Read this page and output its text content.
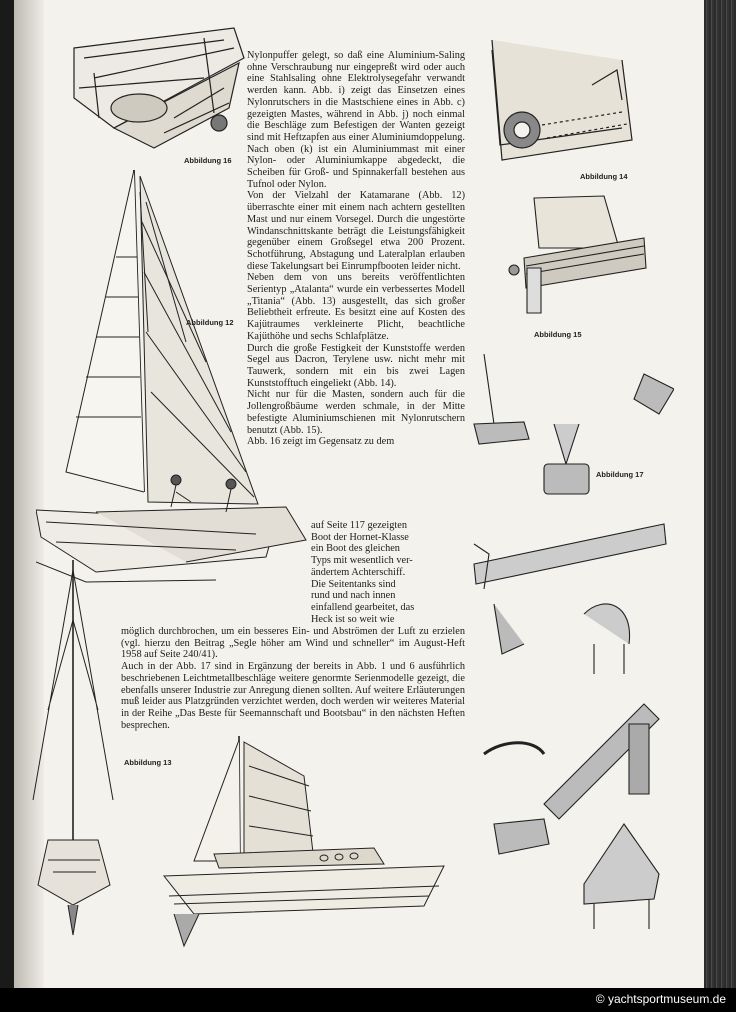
Abbildung 16
Abbildung 12
Abbildung 13
Abbildung 14
Abbildung 15
Abbildung 17

Nylonpuffer gelegt, so daß eine Aluminium-Saling ohne Verschraubung nur eingepreßt wird oder auch eine Stahlsaling ohne Elektrolysegefahr verwandt werden kann. Abb. i) zeigt das Einsetzen eines Nylonrutschers in die Mastschiene eines in Abb. c) gezeigten Mastes, während in Abb. j) noch einmal die Beschläge zum Befestigen der Wanten gezeigt sind mit Heftzapfen aus einer Aluminiumdoppelung. Nach oben (k) ist ein Aluminiummast mit einer Nylon- oder Aluminiumkappe abgedeckt, die Scheiben für Groß- und Spinnakerfall bestehen aus Tufnol oder Nylon.

Von der Vielzahl der Katamarane (Abb. 12) überraschte einer mit einem nach achtern gestellten Mast und nur einem Vorsegel. Durch die ungestörte Windanschnittskante beträgt die Leistungsfähigkeit gegenüber einem Großsegel etwa 200 Prozent. Schotführung, Abstagung und Lateralplan erlauben diese Takelungsart bei Einrumpfbooten leider nicht.

Neben dem von uns bereits veröffentlichten Serientyp „Atalanta“ wurde ein verbessertes Modell „Titania“ (Abb. 13) ausgestellt, das sich großer Beliebtheit erfreute. Es besitzt eine auf Kosten des Kajütraumes verkleinerte Plicht, beachtliche Kajüthöhe und sechs Schlafplätze.

Durch die große Festigkeit der Kunststoffe werden Segel aus Dacron, Terylene usw. nicht mehr mit Tauwerk, sondern mit ein bis zwei Lagen Kunststofftuch eingeliekt (Abb. 14).

Nicht nur für die Masten, sondern auch für die Jollengroßbäume werden schmale, in der Mitte befestigte Aluminiumschienen mit Nylonrutschern benutzt (Abb. 15).

Abb. 16 zeigt im Gegensatz zu dem

auf Seite 117 gezeigten

Boot der Hornet-Klasse

ein Boot des gleichen

Typs mit wesentlich ver-

ändertem Achterschiff.

Die Seitentanks sind

rund und nach innen

einfallend gearbeitet, das

Heck ist so weit wie

möglich durchbrochen, um ein besseres Ein- und Abströmen der Luft zu erzielen (vgl. hierzu den Beitrag „Segle höher am Wind und schneller“ im August-Heft 1958 auf Seite 240/41).

Auch in der Abb. 17 sind in Ergänzung der bereits in Abb. 1 und 6 ausführlich beschriebenen Leichtmetallbeschläge weitere genormte Serienmodelle gezeigt, die ebenfalls unserer Industrie zur Anregung dienen sollten. Auf weitere Erläuterungen muß leider aus Platzgründen verzichtet werden, doch werden wir weiteres Material in der Reihe „Das Beste für Seemannschaft und Bootsbau“ in den nächsten Heften besprechen.

© yachtsportmuseum.de
